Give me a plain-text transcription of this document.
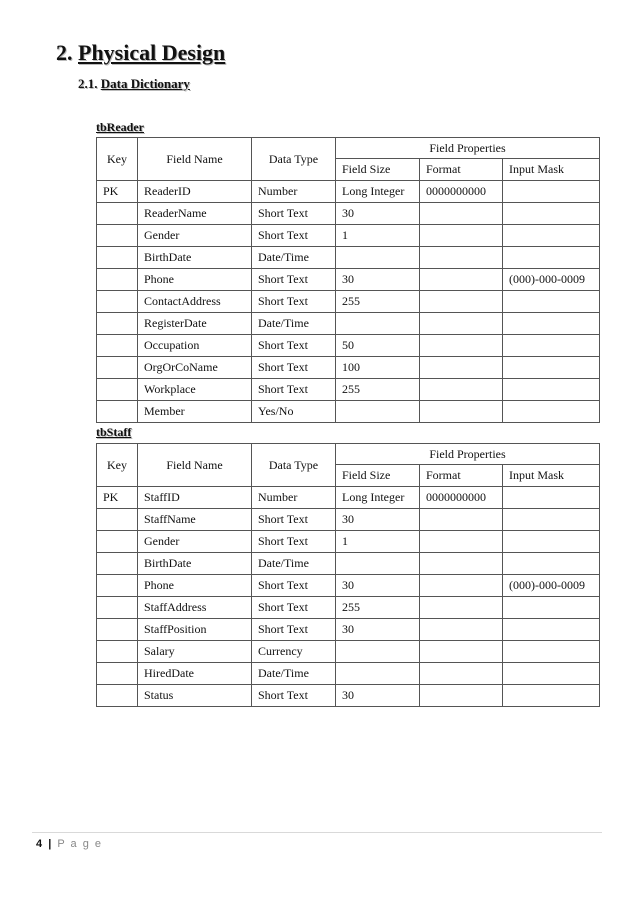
2. Physical Design
2.1. Data Dictionary
tbReader
Key	Field Name	Data Type	Field Properties		
			Field Size	Format	Input Mask
PK	ReaderID	Number	Long Integer	0000000000	
	ReaderName	Short Text	30		
	Gender	Short Text	1		
	BirthDate	Date/Time			
	Phone	Short Text	30		(000)-000-0009
	ContactAddress	Short Text	255		
	RegisterDate	Date/Time			
	Occupation	Short Text	50		
	OrgOrCoName	Short Text	100		
	Workplace	Short Text	255		
	Member	Yes/No			
tbStaff
Key	Field Name	Data Type	Field Properties		
			Field Size	Format	Input Mask
PK	StaffID	Number	Long Integer	0000000000	
	StaffName	Short Text	30		
	Gender	Short Text	1		
	BirthDate	Date/Time			
	Phone	Short Text	30		(000)-000-0009
	StaffAddress	Short Text	255		
	StaffPosition	Short Text	30		
	Salary	Currency			
	HiredDate	Date/Time			
	Status	Short Text	30		
4 | P a g e
